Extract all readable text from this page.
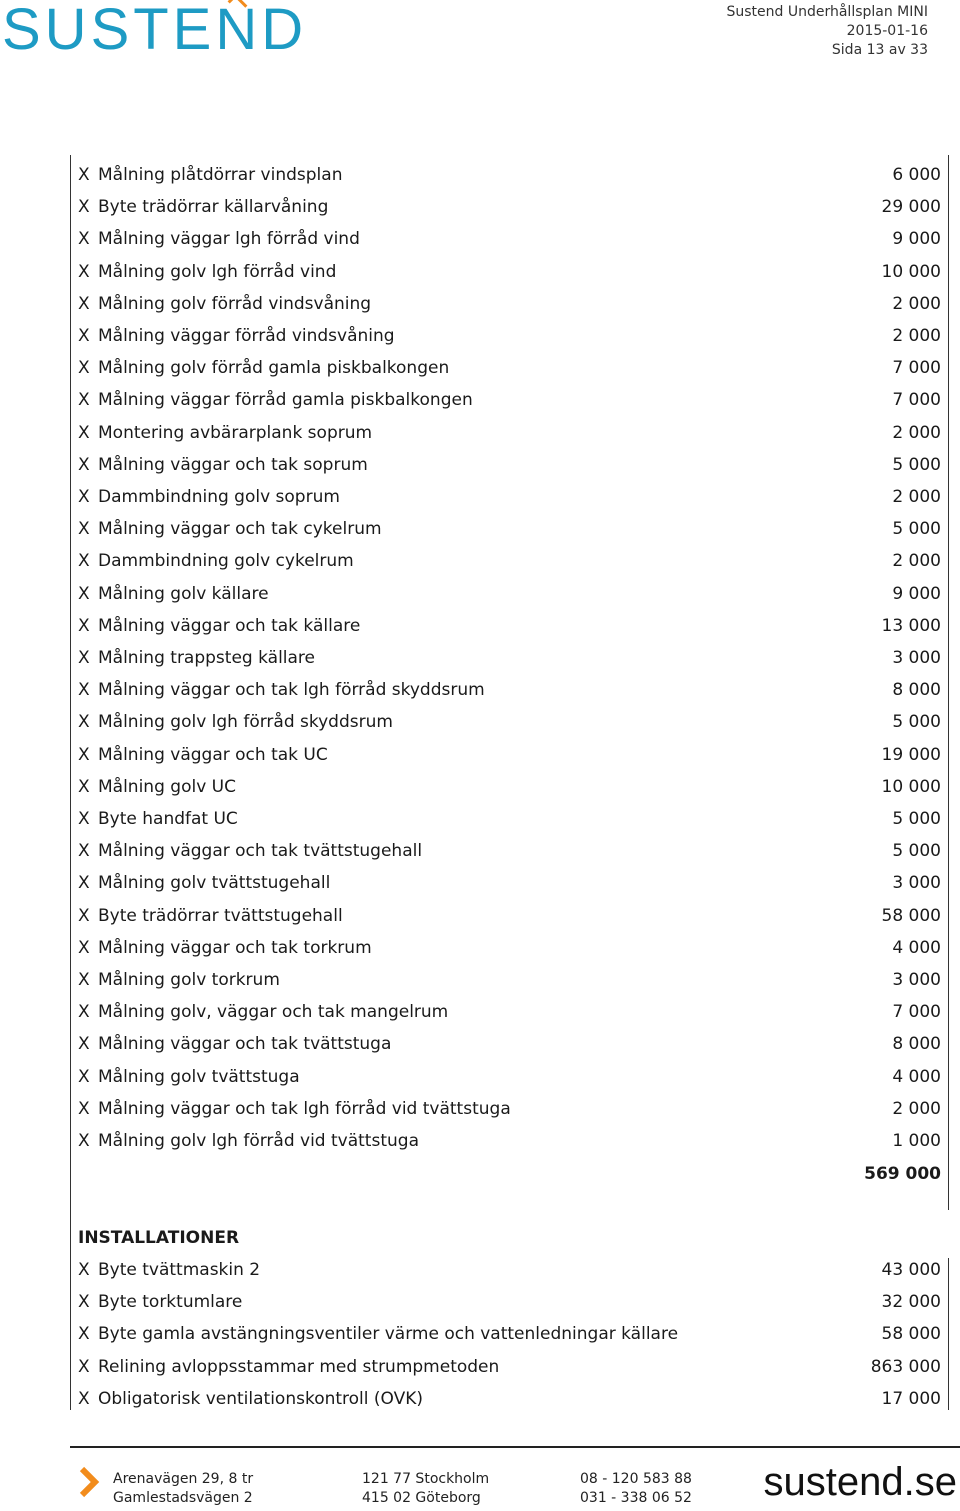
SUSTEND	Sustend Underhållsplan MINI
2015-01-16
Sida 13 av 33
X Målning plåtdörrar vindsplan	6 000
X Byte trädörrar källarvåning	29 000
X Målning väggar lgh förråd vind	9 000
X Målning golv lgh förråd vind	10 000
X Målning golv förråd vindsvåning	2 000
X Målning väggar förråd vindsvåning	2 000
X Målning golv förråd gamla piskbalkongen	7 000
X Målning väggar förråd gamla piskbalkongen	7 000
X Montering avbärarplank soprum	2 000
X Målning väggar och tak soprum	5 000
X Dammbindning golv soprum	2 000
X Målning väggar och tak cykelrum	5 000
X Dammbindning golv cykelrum	2 000
X Målning golv källare	9 000
X Målning väggar och tak källare	13 000
X Målning trappsteg källare	3 000
X Målning väggar och tak lgh förråd skyddsrum	8 000
X Målning golv lgh förråd skyddsrum	5 000
X Målning väggar och tak UC	19 000
X Målning golv UC	10 000
X Byte handfat UC	5 000
X Målning väggar och tak tvättstugehall	5 000
X Målning golv tvättstugehall	3 000
X Byte trädörrar tvättstugehall	58 000
X Målning väggar och tak torkrum	4 000
X Målning golv torkrum	3 000
X Målning golv, väggar och tak mangelrum	7 000
X Målning väggar och tak tvättstuga	8 000
X Målning golv tvättstuga	4 000
X Målning väggar och tak lgh förråd vid tvättstuga	2 000
X Målning golv lgh förråd vid tvättstuga	1 000
569 000
INSTALLATIONER
X Byte tvättmaskin 2	43 000
X Byte torktumlare	32 000
X Byte gamla avstängningsventiler värme och vattenledningar källare	58 000
X Relining avloppsstammar med strumpmetoden	863 000
X Obligatorisk ventilationskontroll (OVK)	17 000
Arenavägen 29, 8 tr
Gamlestadsvägen 2
121 77 Stockholm
415 02 Göteborg
08 - 120 583 88
031 - 338 06 52 sustend.se
